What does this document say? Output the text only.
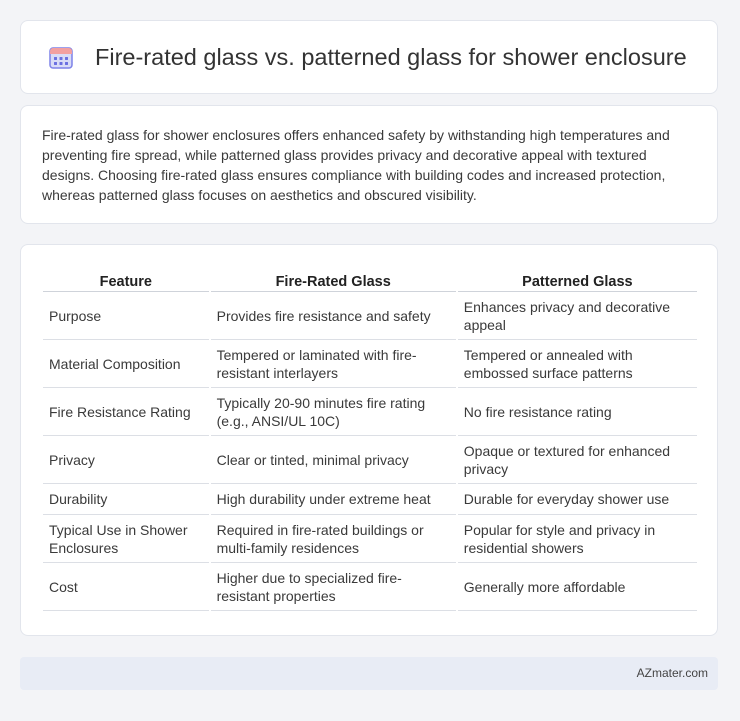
Fire-rated glass vs. patterned glass for shower enclosure

Fire-rated glass for shower enclosures offers enhanced safety by withstanding high temperatures and preventing fire spread, while patterned glass provides privacy and decorative appeal with textured designs. Choosing fire-rated glass ensures compliance with building codes and increased protection, whereas patterned glass focuses on aesthetics and obscured visibility.

Feature	Fire-Rated Glass	Patterned Glass
Purpose	Provides fire resistance and safety	Enhances privacy and decorative appeal
Material Composition	Tempered or laminated with fire-resistant interlayers	Tempered or annealed with embossed surface patterns
Fire Resistance Rating	Typically 20-90 minutes fire rating (e.g., ANSI/UL 10C)	No fire resistance rating
Privacy	Clear or tinted, minimal privacy	Opaque or textured for enhanced privacy
Durability	High durability under extreme heat	Durable for everyday shower use
Typical Use in Shower Enclosures	Required in fire-rated buildings or multi-family residences	Popular for style and privacy in residential showers
Cost	Higher due to specialized fire-resistant properties	Generally more affordable
AZmater.com
